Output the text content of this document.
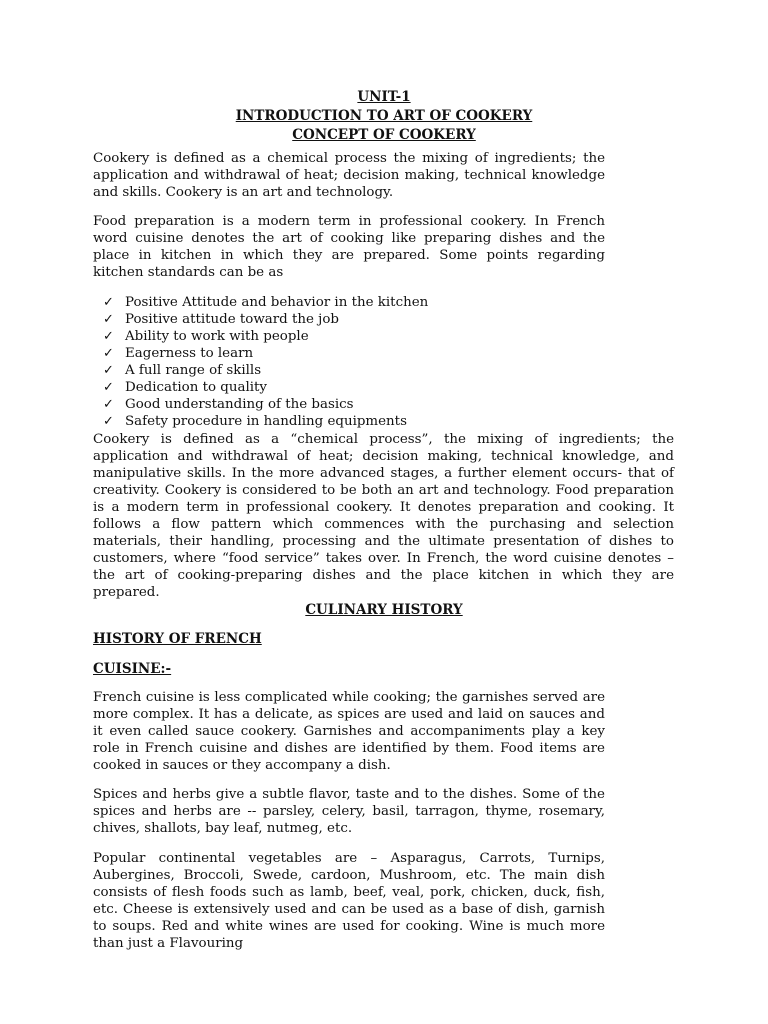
UNIT-1
INTRODUCTION TO ART OF COOKERY
CONCEPT OF COOKERY

Cookery is defined as a chemical process the mixing of ingredients; the application and withdrawal of heat; decision making, technical knowledge and skills. Cookery is an art and technology.

Food preparation is a modern term in professional cookery. In French word cuisine denotes the art of cooking like preparing dishes and the place in kitchen in which they are prepared. Some points regarding kitchen standards can be as

✓ Positive Attitude and behavior in the kitchen
✓ Positive attitude toward the job
✓ Ability to work with people
✓ Eagerness to learn
✓ A full range of skills
✓ Dedication to quality
✓ Good understanding of the basics
✓ Safety procedure in handling equipments

Cookery is defined as a “chemical process”, the mixing of ingredients; the application and withdrawal of heat; decision making, technical knowledge, and manipulative skills. In the more advanced stages, a further element occurs- that of creativity. Cookery is considered to be both an art and technology. Food preparation is a modern term in professional cookery. It denotes preparation and cooking. It follows a flow pattern which commences with the purchasing and selection materials, their handling, processing and the ultimate presentation of dishes to customers, where “food service” takes over. In French, the word cuisine denotes –the art of cooking-preparing dishes and the place kitchen in which they are prepared.

CULINARY HISTORY
HISTORY OF FRENCH
CUISINE:-

French cuisine is less complicated while cooking; the garnishes served are more complex. It has a delicate, as spices are used and laid on sauces and it even called sauce cookery. Garnishes and accompaniments play a key role in French cuisine and dishes are identified by them. Food items are cooked in sauces or they accompany a dish.

Spices and herbs give a subtle flavor, taste and to the dishes. Some of the spices and herbs are -- parsley, celery, basil, tarragon, thyme, rosemary, chives, shallots, bay leaf, nutmeg, etc.

Popular continental vegetables are – Asparagus, Carrots, Turnips, Aubergines, Broccoli, Swede, cardoon, Mushroom, etc. The main dish consists of flesh foods such as lamb, beef, veal, pork, chicken, duck, fish, etc. Cheese is extensively used and can be used as a base of dish, garnish to soups. Red and white wines are used for cooking. Wine is much more than just a Flavouring
